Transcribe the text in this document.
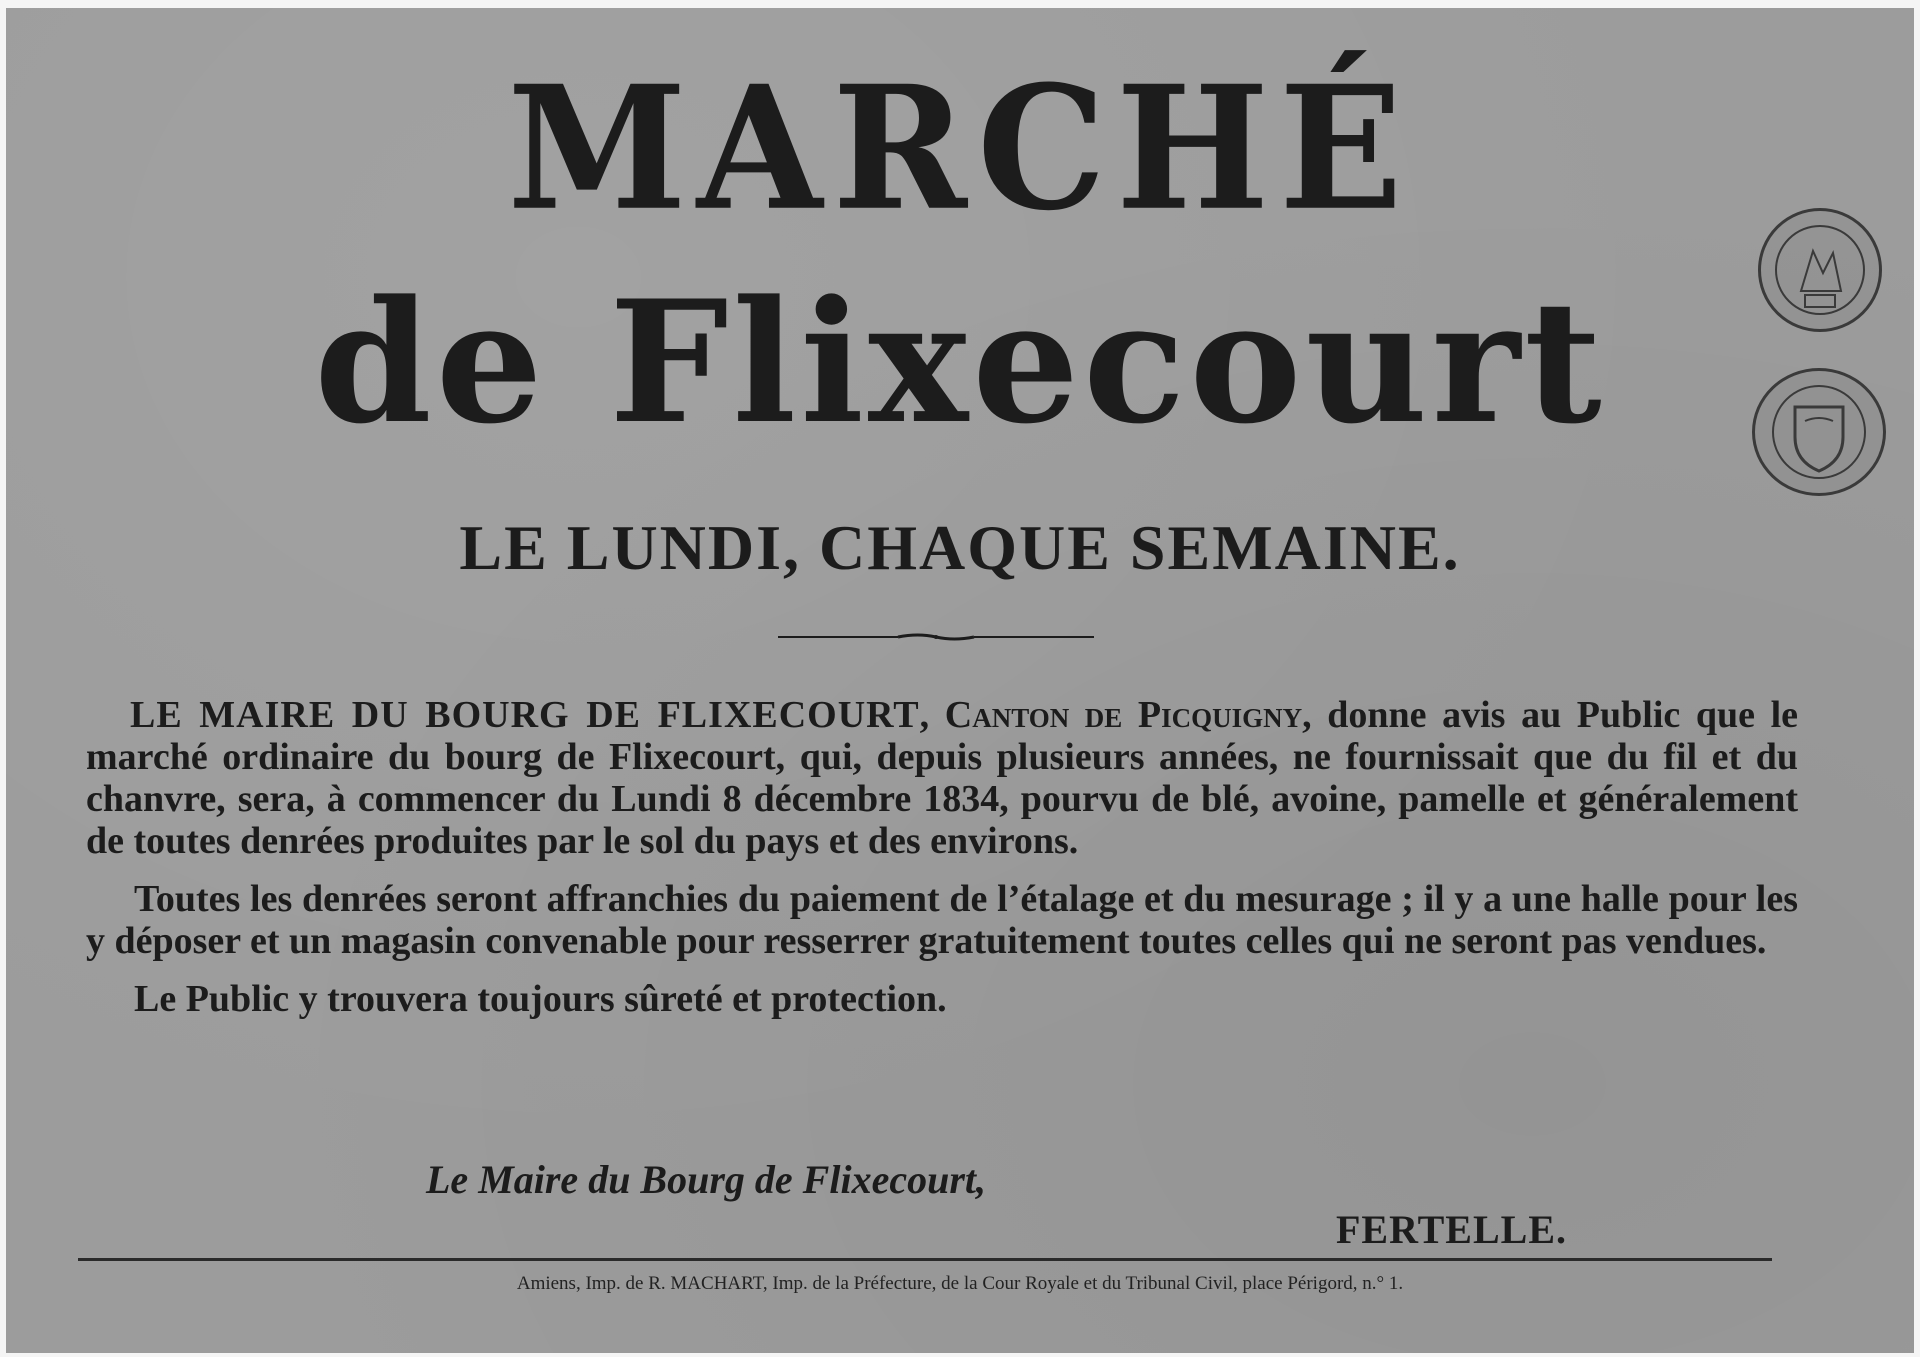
MARCHÉ
de Flixecourt
LE LUNDI, CHAQUE SEMAINE.

LE MAIRE DU BOURG DE FLIXECOURT, Canton de Picquigny, donne avis au Public que le marché ordinaire du bourg de Flixecourt, qui, depuis plusieurs années, ne fournissait que du fil et du chanvre, sera, à commencer du Lundi 8 décembre 1834, pourvu de blé, avoine, pamelle et généralement de toutes denrées produites par le sol du pays et des environs.

Toutes les denrées seront affranchies du paiement de l’étalage et du mesurage ; il y a une halle pour les y déposer et un magasin convenable pour resserrer gratuitement toutes celles qui ne seront pas vendues.

Le Public y trouvera toujours sûreté et protection.

Le Maire du Bourg de Flixecourt,
FERTELLE.
Amiens, Imp. de R. MACHART, Imp. de la Préfecture, de la Cour Royale et du Tribunal Civil, place Périgord, n.° 1.
